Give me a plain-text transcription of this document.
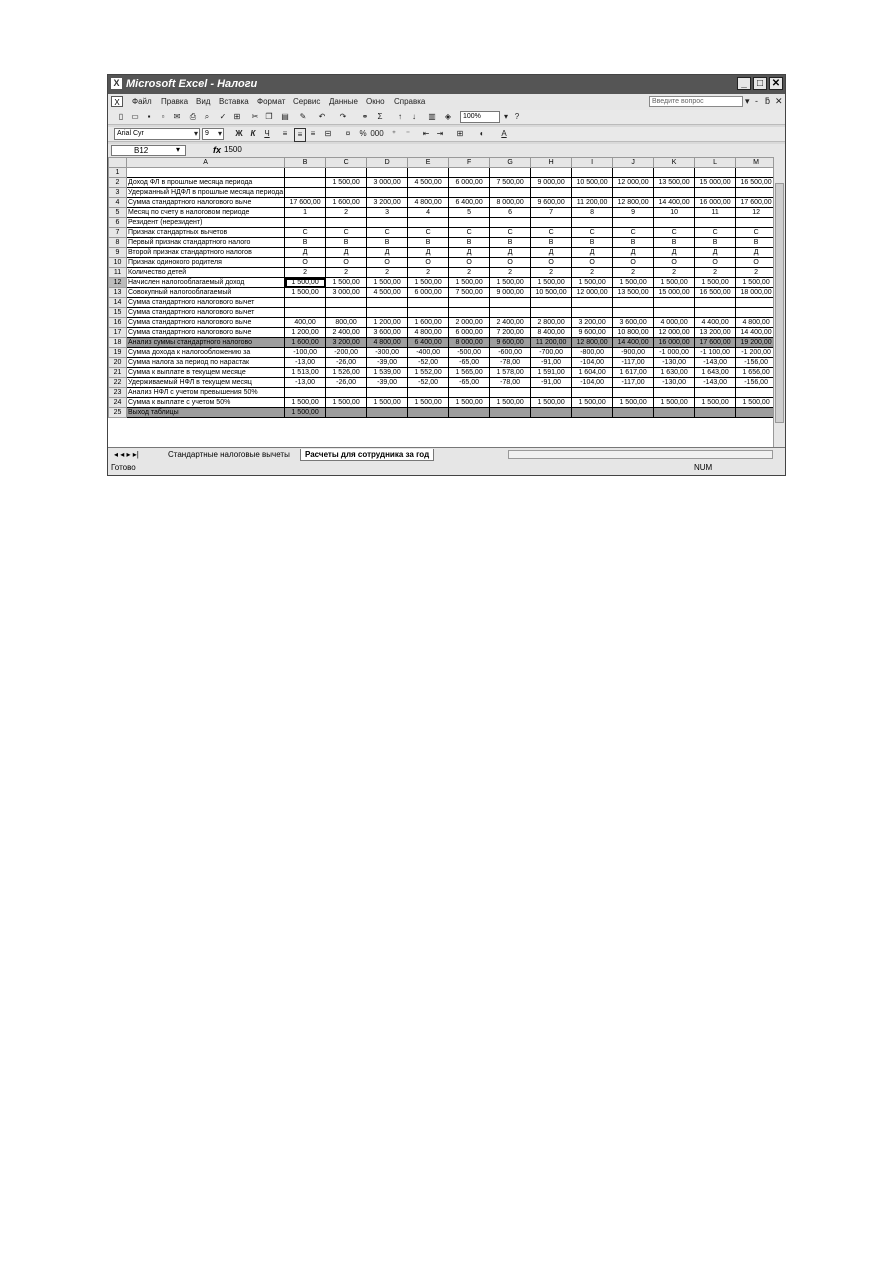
X Microsoft Excel - Налоги	_	□ ✕
X	Файл Правка Вид Вставка Формат Сервис Данные Окно Справка	Введите вопрос	▾ - ƃ ✕
▯	▭	▪	▫	✉ ⎙	⌕	✓ ⊞ ✂ ❐	▤	✎	↶	↷	⚭	Σ	↑	↓	▥	◈	100%	▾ ?
Arial Cyr	▾	9	▾ Ж К	Ч	≡	≡	≡	⊟	¤	% 000	⁺	⁻	⇤ ⇥	⊞	◐	A
B12	▾	fx 1500
	A	B	C	D	E	F	G	H	I	J	K	L	M
1													
2	Доход ФЛ в прошлые месяца периода		1 500,00	3 000,00	4 500,00	6 000,00	7 500,00	9 000,00	10 500,00	12 000,00	13 500,00	15 000,00	16 500,00
3	Удержанный НДФЛ в прошлые месяца периода												
4	Сумма стандартного налогового выче	17 600,00	1 600,00	3 200,00	4 800,00	6 400,00	8 000,00	9 600,00	11 200,00	12 800,00	14 400,00	16 000,00	17 600,00
5	Месяц по счету в налоговом периоде	1	2	3	4	5	6	7	8	9	10	11	12
6	Резидент (нерезидент)												
7	Признак стандартных вычетов	С	С	С	С	С	С	С	С	С	С	С	С
8	Первый признак стандартного налого	В	В	В	В	В	В	В	В	В	В	В	В
9	Второй признак стандартного налогов	Д	Д	Д	Д	Д	Д	Д	Д	Д	Д	Д	Д
10	Признак одинокого родителя	О	О	О	О	О	О	О	О	О	О	О	О
11	Количество детей	2	2	2	2	2	2	2	2	2	2	2	2
12	Начислен налогооблагаемый доход	1 500,00	1 500,00	1 500,00	1 500,00	1 500,00	1 500,00	1 500,00	1 500,00	1 500,00	1 500,00	1 500,00	1 500,00
13	Совокупный налогооблагаемый	1 500,00	3 000,00	4 500,00	6 000,00	7 500,00	9 000,00	10 500,00	12 000,00	13 500,00	15 000,00	16 500,00	18 000,00
14	Сумма стандартного налогового вычет												
15	Сумма стандартного налогового вычет												
16	Сумма стандартного налогового выче	400,00	800,00	1 200,00	1 600,00	2 000,00	2 400,00	2 800,00	3 200,00	3 600,00	4 000,00	4 400,00	4 800,00
17	Сумма стандартного налогового выче	1 200,00	2 400,00	3 600,00	4 800,00	6 000,00	7 200,00	8 400,00	9 600,00	10 800,00	12 000,00	13 200,00	14 400,00
18	Анализ суммы стандартного налогово	1 600,00	3 200,00	4 800,00	6 400,00	8 000,00	9 600,00	11 200,00	12 800,00	14 400,00	16 000,00	17 600,00	19 200,00
19	Сумма дохода к налогообложению за	-100,00	-200,00	-300,00	-400,00	-500,00	-600,00	-700,00	-800,00	-900,00	-1 000,00	-1 100,00	-1 200,00
20	Сумма налога за период по нарастак	-13,00	-26,00	-39,00	-52,00	-65,00	-78,00	-91,00	-104,00	-117,00	-130,00	-143,00	-156,00
21	Сумма к выплате в текущем месяце	1 513,00	1 526,00	1 539,00	1 552,00	1 565,00	1 578,00	1 591,00	1 604,00	1 617,00	1 630,00	1 643,00	1 656,00
22	Удерживаемый НФЛ в текущем месяц	-13,00	-26,00	-39,00	-52,00	-65,00	-78,00	-91,00	-104,00	-117,00	-130,00	-143,00	-156,00
23	Анализ НФЛ с учетом превышения 50%												
24	Сумма к выплате с учетом 50%	1 500,00	1 500,00	1 500,00	1 500,00	1 500,00	1 500,00	1 500,00	1 500,00	1 500,00	1 500,00	1 500,00	1 500,00
25	Выход таблицы	1 500,00											
◂ ◂ ▸ ▸|	Стандартные налоговые вычеты	Расчеты для сотрудника за год
Готово	NUM
